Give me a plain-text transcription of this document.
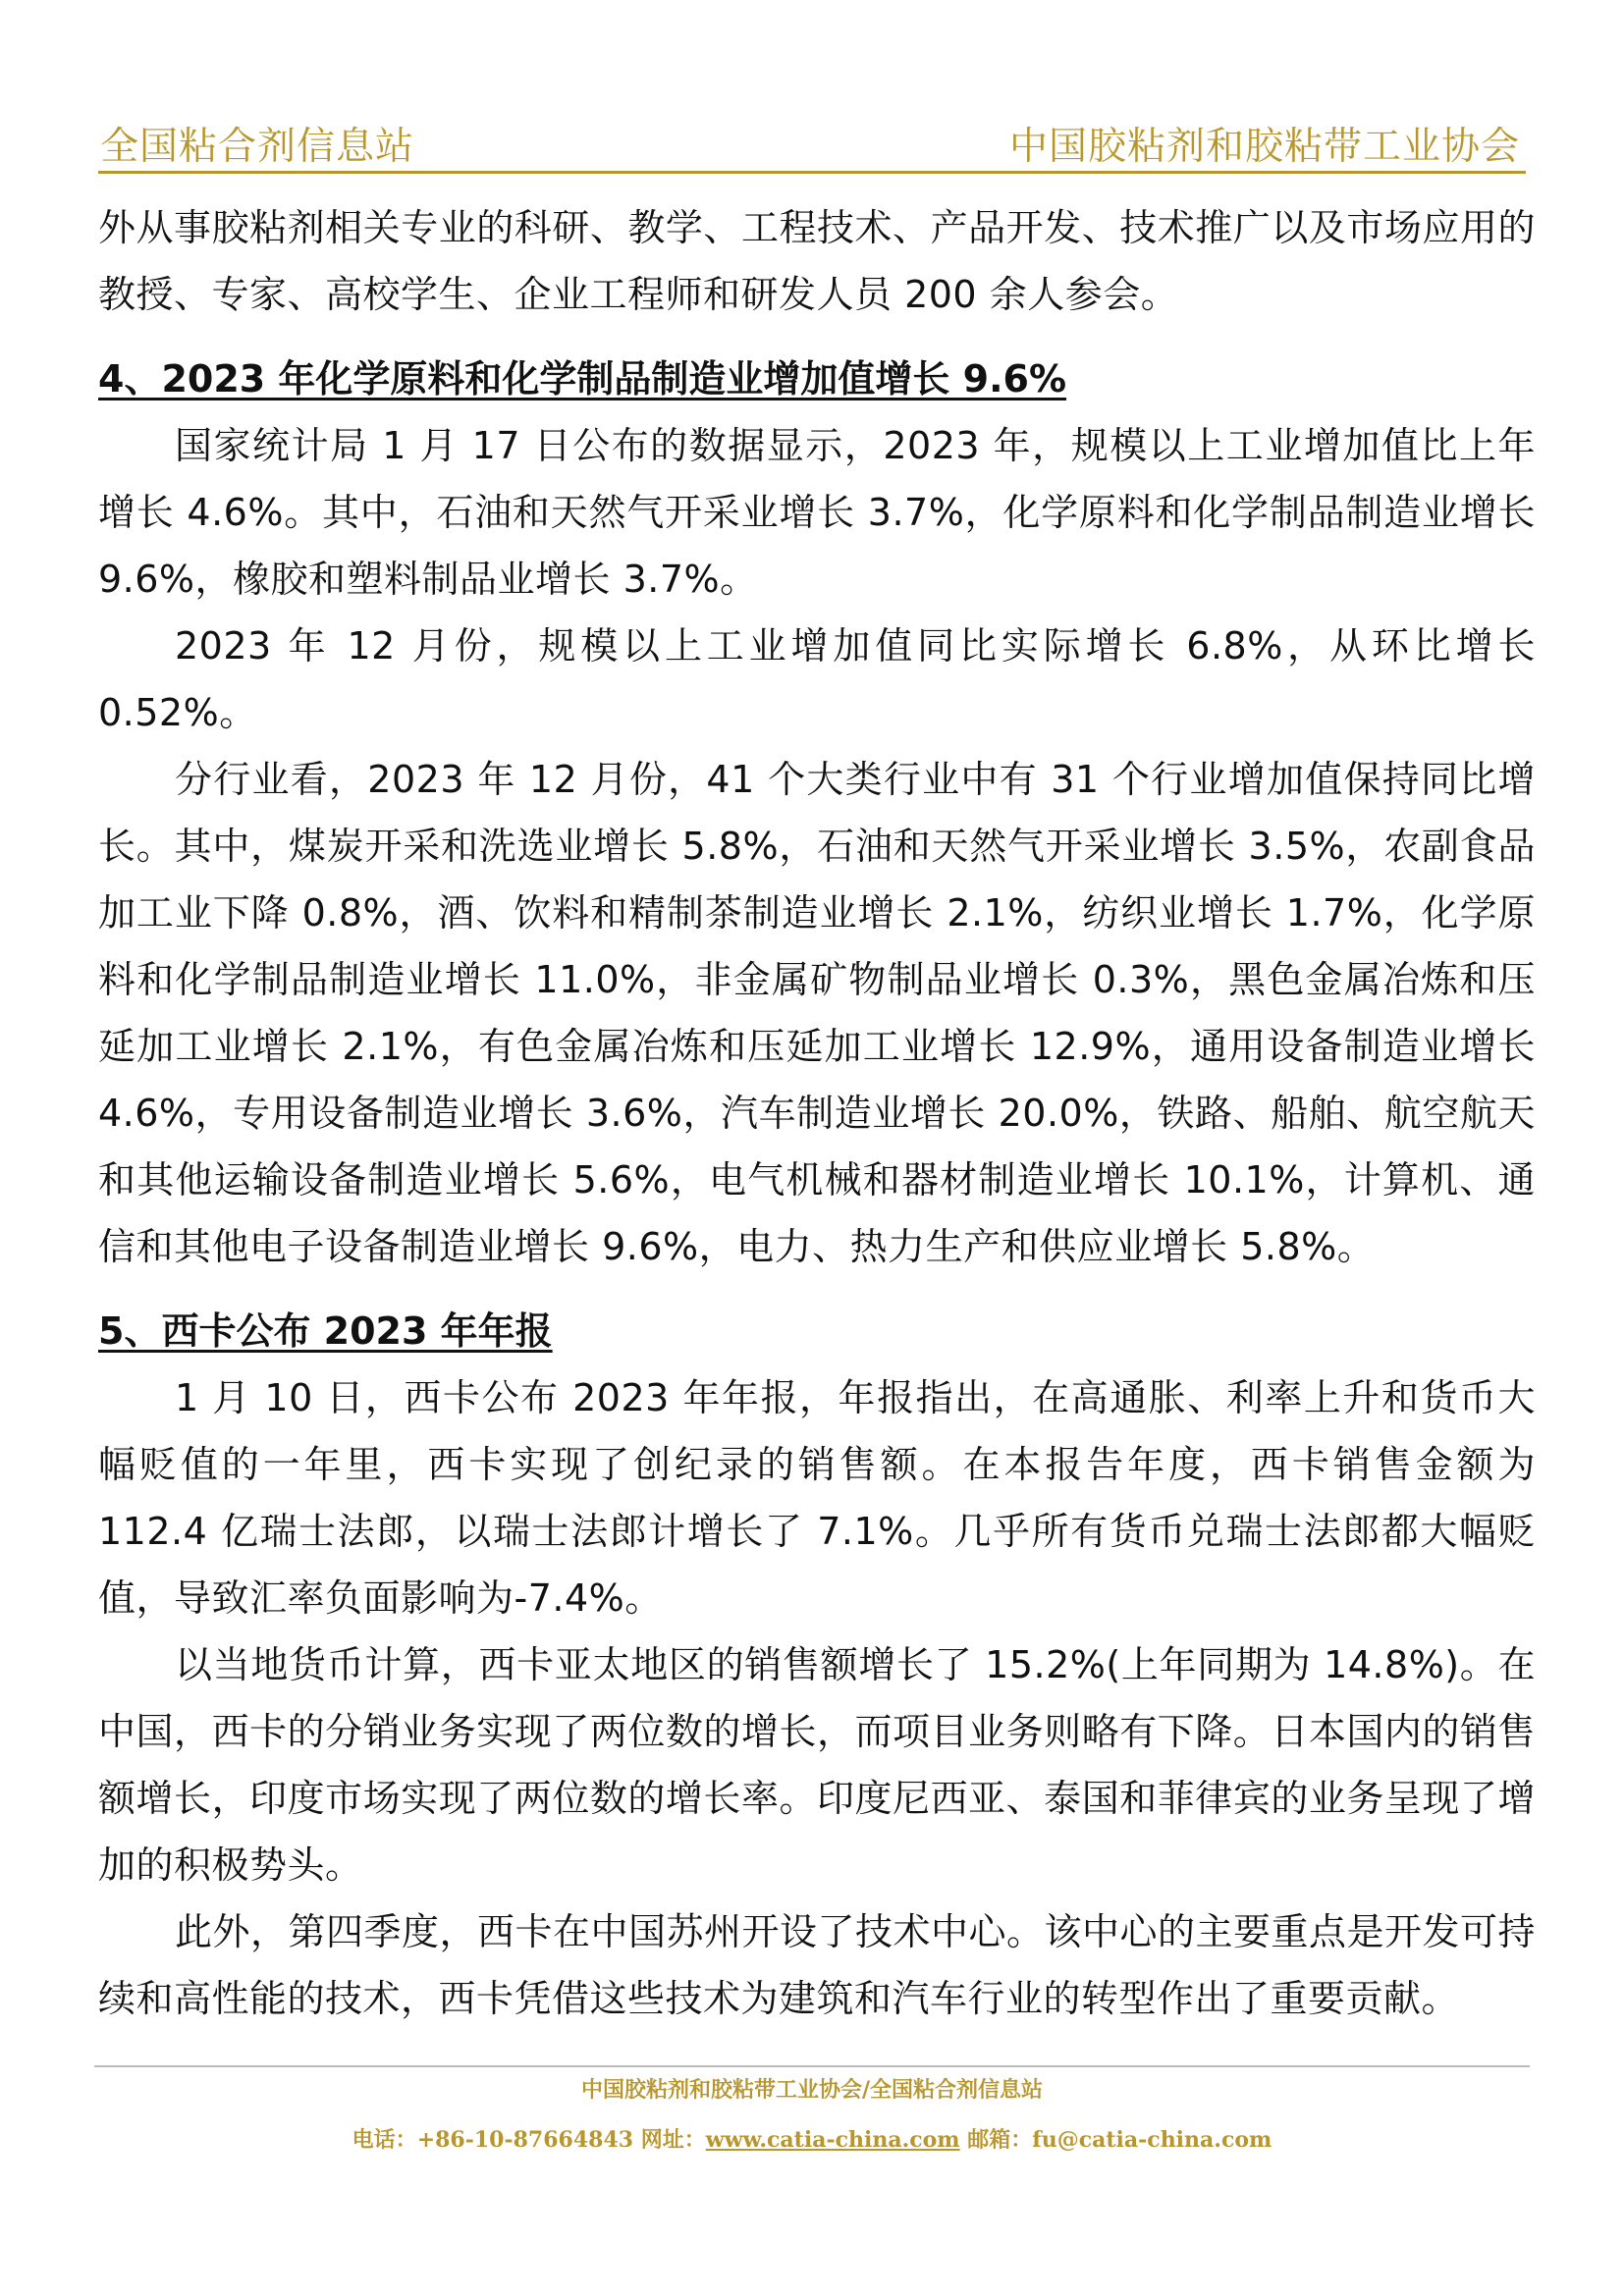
全国粘合剂信息站	中国胶粘剂和胶粘带工业协会

外从事胶粘剂相关专业的科研、教学、工程技术、产品开发、技术推广以及市场应用的教授、专家、高校学生、企业工程师和研发人员 200 余人参会。

4、2023 年化学原料和化学制品制造业增加值增长 9.6%

国家统计局 1 月 17 日公布的数据显示，2023 年，规模以上工业增加值比上年增长 4.6%。其中，石油和天然气开采业增长 3.7%，化学原料和化学制品制造业增长 9.6%，橡胶和塑料制品业增长 3.7%。

2023 年 12 月份，规模以上工业增加值同比实际增长 6.8%，从环比增长 0.52%。

分行业看，2023 年 12 月份，41 个大类行业中有 31 个行业增加值保持同比增长。其中，煤炭开采和洗选业增长 5.8%，石油和天然气开采业增长 3.5%，农副食品加工业下降 0.8%，酒、饮料和精制茶制造业增长 2.1%，纺织业增长 1.7%，化学原料和化学制品制造业增长 11.0%，非金属矿物制品业增长 0.3%，黑色金属冶炼和压延加工业增长 2.1%，有色金属冶炼和压延加工业增长 12.9%，通用设备制造业增长 4.6%，专用设备制造业增长 3.6%，汽车制造业增长 20.0%，铁路、船舶、航空航天和其他运输设备制造业增长 5.6%，电气机械和器材制造业增长 10.1%，计算机、通信和其他电子设备制造业增长 9.6%，电力、热力生产和供应业增长 5.8%。

5、西卡公布 2023 年年报

1 月 10 日，西卡公布 2023 年年报，年报指出，在高通胀、利率上升和货币大幅贬值的一年里，西卡实现了创纪录的销售额。在本报告年度，西卡销售金额为 112.4 亿瑞士法郎，以瑞士法郎计增长了 7.1%。几乎所有货币兑瑞士法郎都大幅贬值，导致汇率负面影响为-7.4%。

以当地货币计算，西卡亚太地区的销售额增长了 15.2%(上年同期为 14.8%)。在中国，西卡的分销业务实现了两位数的增长，而项目业务则略有下降。日本国内的销售额增长，印度市场实现了两位数的增长率。印度尼西亚、泰国和菲律宾的业务呈现了增加的积极势头。

此外，第四季度，西卡在中国苏州开设了技术中心。该中心的主要重点是开发可持续和高性能的技术，西卡凭借这些技术为建筑和汽车行业的转型作出了重要贡献。

中国胶粘剂和胶粘带工业协会/全国粘合剂信息站
电话：+86-10-87664843 网址：www.catia-china.com 邮箱：fu@catia-china.com
